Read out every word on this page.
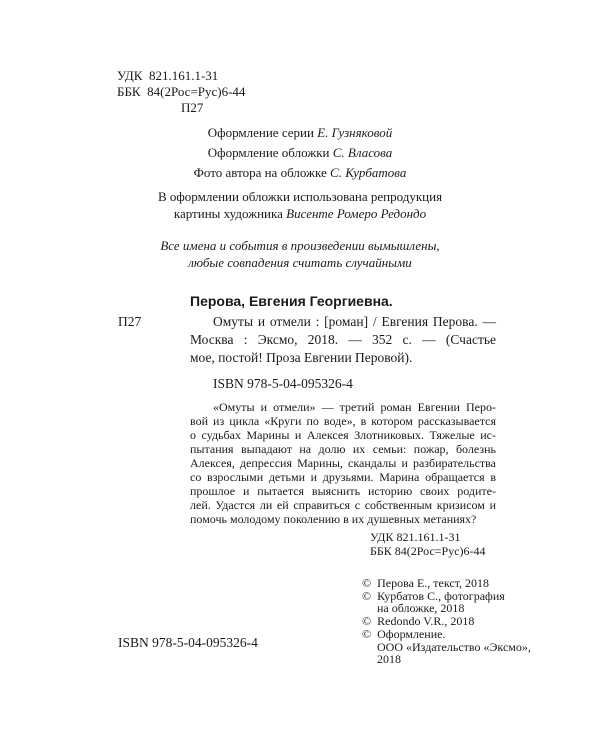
УДК 821.161.1-31
ББК 84(2Рос=Рус)6-44
П27
Оформление серии Е. Гузняковой
Оформление обложки С. Власова
Фото автора на обложке С. Курбатова
В оформлении обложки использована репродукция
картины художника Висенте Ромеро Редондо
Все имена и события в произведении вымышлены,
любые совпадения считать случайными
Перова, Евгения Георгиевна.
П27	Омуты и отмели : [роман] / Евгения Перова. —
Москва : Эксмо, 2018. — 352 с. — (Счастье
мое, постой! Проза Евгении Перовой).
ISBN 978-5-04-095326-4
«Омуты и отмели» — третий роман Евгении Перо-
вой из цикла «Круги по воде», в котором рассказывается
о судьбах Марины и Алексея Злотниковых. Тяжелые ис-
пытания выпадают на долю их семьи: пожар, болезнь
Алексея, депрессия Марины, скандалы и разбирательства
со взрослыми детьми и друзьями. Марина обращается в
прошлое и пытается выяснить историю своих родите-
лей. Удастся ли ей справиться с собственным кризисом и
помочь молодому поколению в их душевных метаниях?
УДК 821.161.1-31
ББК 84(2Рос=Рус)6-44
ISBN 978-5-04-095326-4
© Перова Е., текст, 2018
© Курбатов С., фотография
на обложке, 2018
© Redondo V.R., 2018
© Оформление.
ООО «Издательство «Эксмо»,
2018
